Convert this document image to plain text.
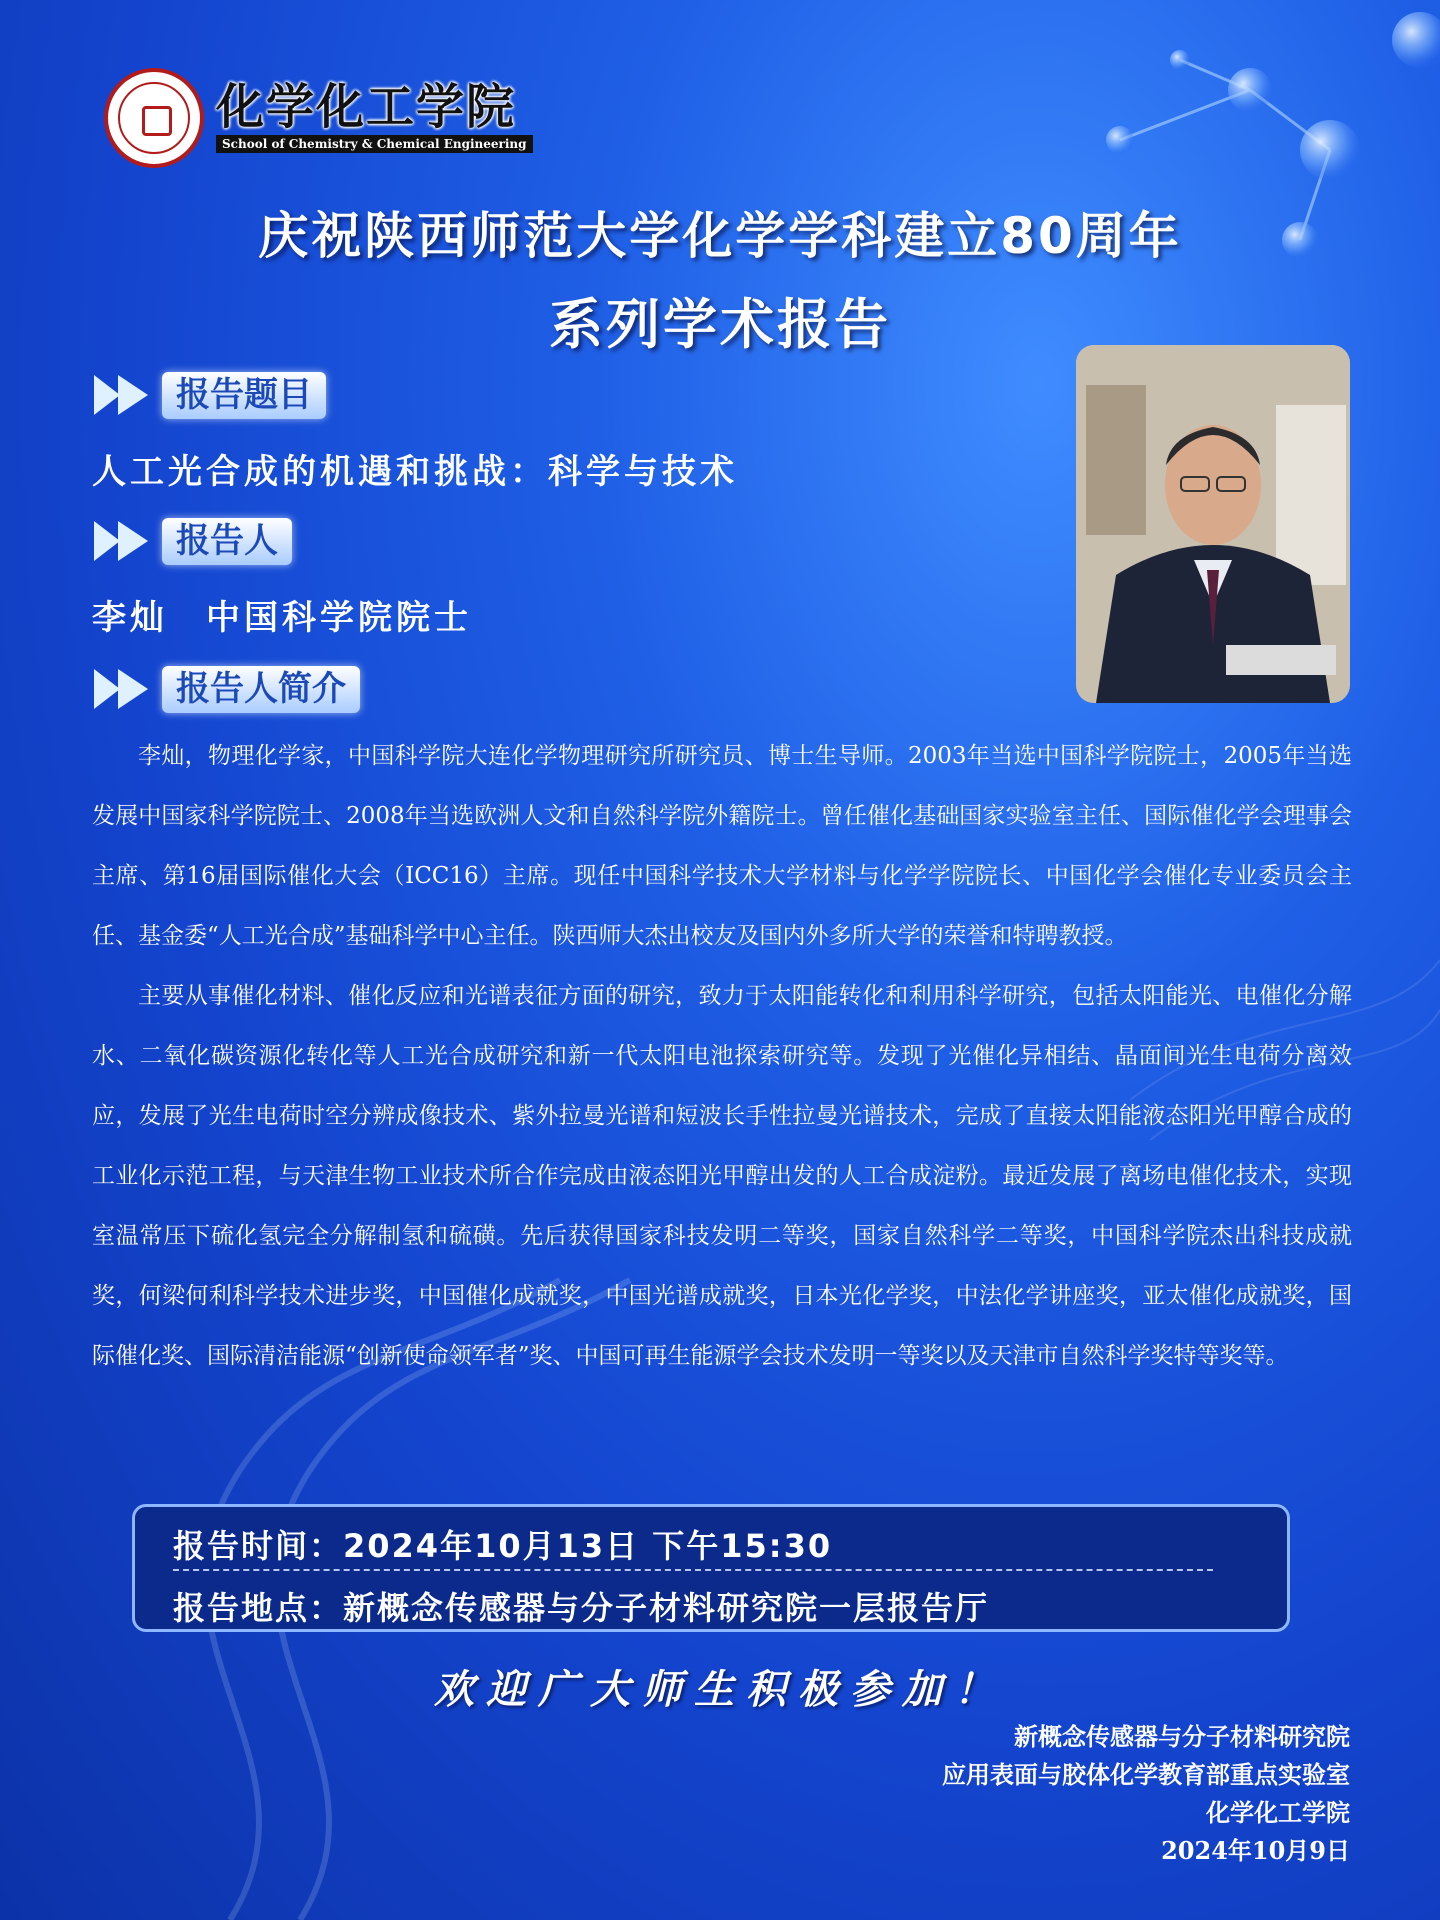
化学化工学院
School of Chemistry & Chemical Engineering
庆祝陕西师范大学化学学科建立80周年
系列学术报告
报告题目
人工光合成的机遇和挑战：科学与技术
报告人
李灿　中国科学院院士
报告人简介

李灿，物理化学家，中国科学院大连化学物理研究所研究员、博士生导师。2003年当选中国科学院院士，2005年当选发展中国家科学院院士、2008年当选欧洲人文和自然科学院外籍院士。曾任催化基础国家实验室主任、国际催化学会理事会主席、第16届国际催化大会（ICC16）主席。现任中国科学技术大学材料与化学学院院长、中国化学会催化专业委员会主任、基金委“人工光合成”基础科学中心主任。陕西师大杰出校友及国内外多所大学的荣誉和特聘教授。

主要从事催化材料、催化反应和光谱表征方面的研究，致力于太阳能转化和利用科学研究，包括太阳能光、电催化分解水、二氧化碳资源化转化等人工光合成研究和新一代太阳电池探索研究等。发现了光催化异相结、晶面间光生电荷分离效应，发展了光生电荷时空分辨成像技术、紫外拉曼光谱和短波长手性拉曼光谱技术，完成了直接太阳能液态阳光甲醇合成的工业化示范工程，与天津生物工业技术所合作完成由液态阳光甲醇出发的人工合成淀粉。最近发展了离场电催化技术，实现室温常压下硫化氢完全分解制氢和硫磺。先后获得国家科技发明二等奖，国家自然科学二等奖，中国科学院杰出科技成就奖，何梁何利科学技术进步奖，中国催化成就奖，中国光谱成就奖，日本光化学奖，中法化学讲座奖，亚太催化成就奖，国际催化奖、国际清洁能源“创新使命领军者”奖、中国可再生能源学会技术发明一等奖以及天津市自然科学奖特等奖等。

报告时间：2024年10月13日 下午15:30
报告地点：新概念传感器与分子材料研究院一层报告厅
欢迎广大师生积极参加！
新概念传感器与分子材料研究院
应用表面与胶体化学教育部重点实验室
化学化工学院
2024年10月9日
